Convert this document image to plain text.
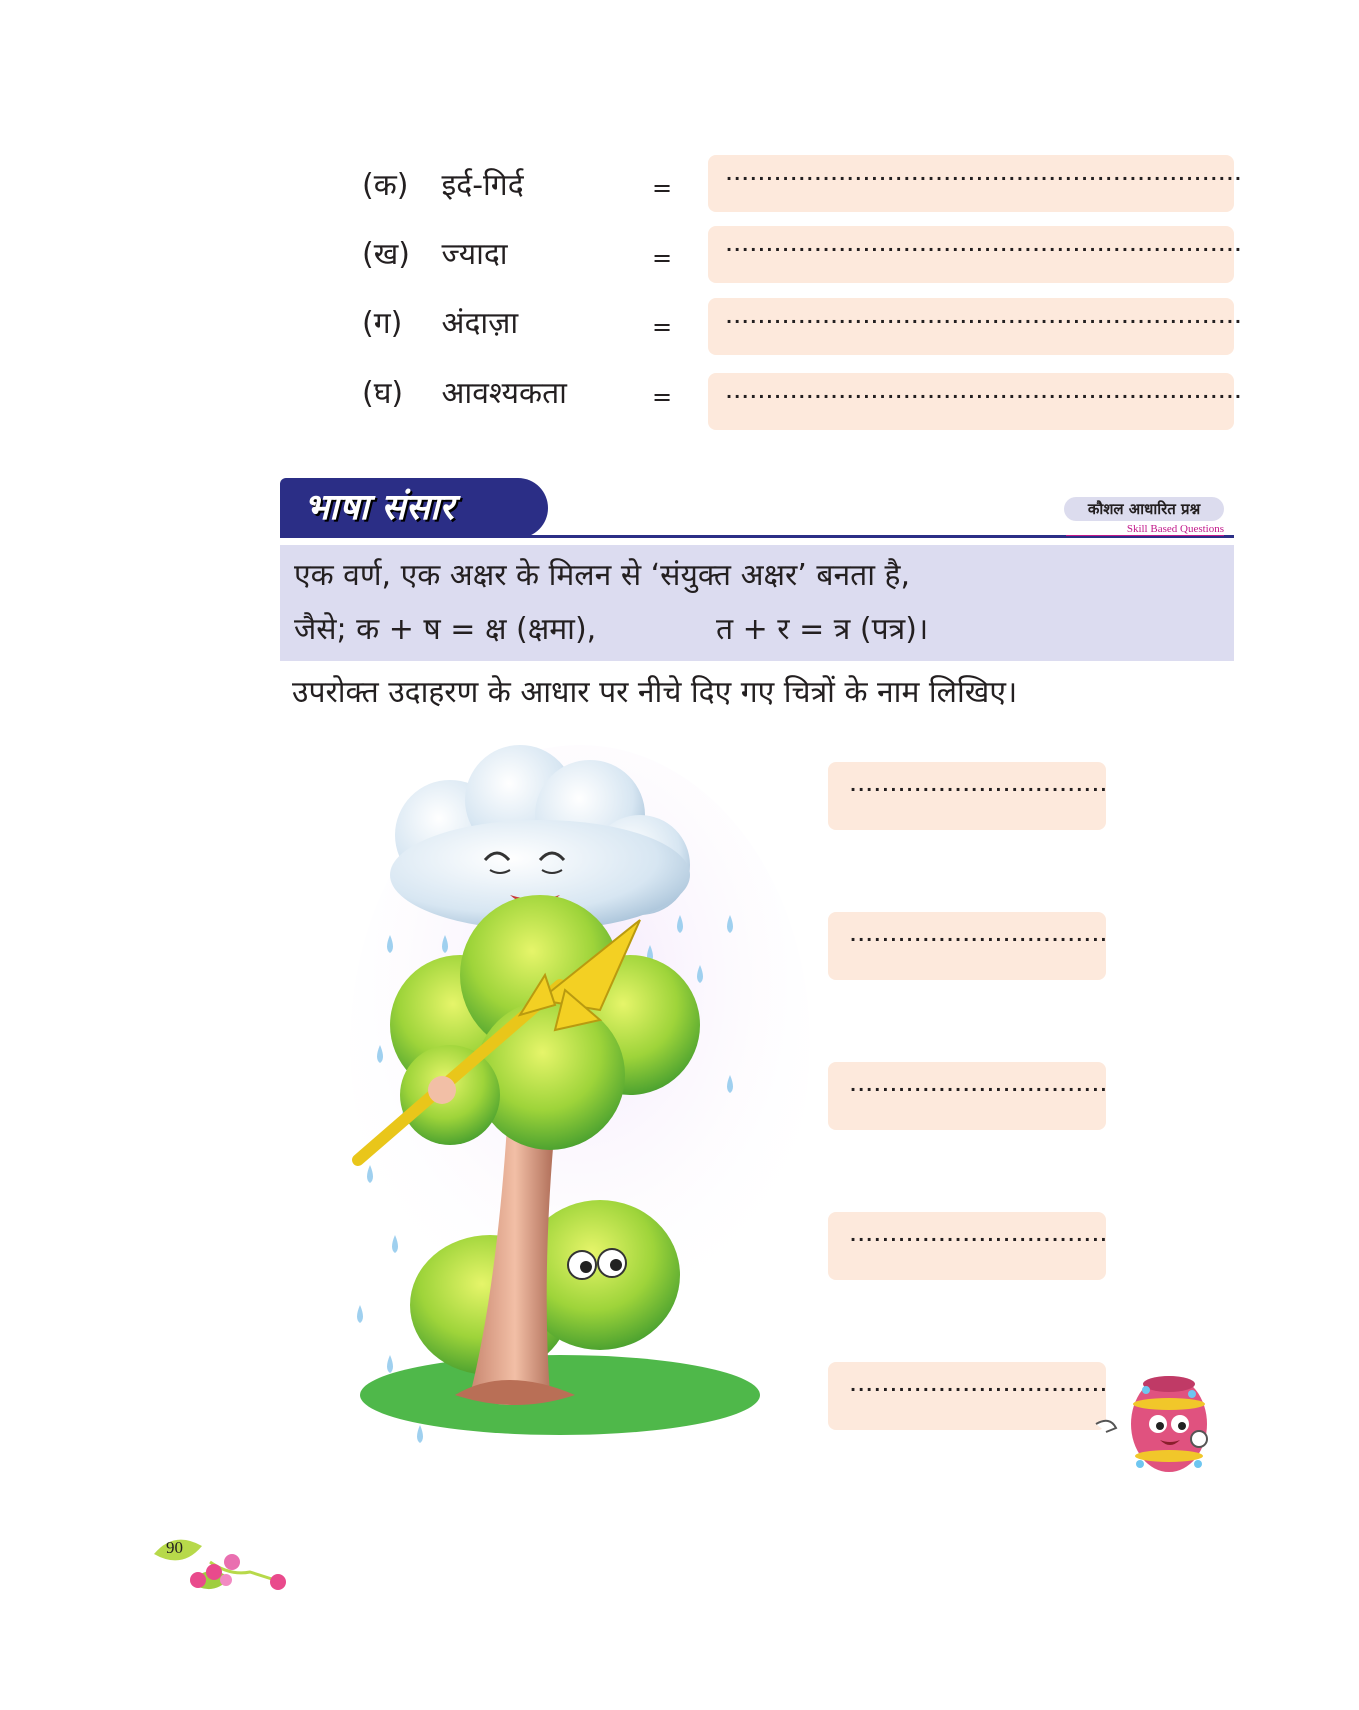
(क) इर्द-गिर्द	=	................................................................
(ख) ज्यादा	=	................................................................
(ग) अंदाज़ा	=	................................................................
(घ) आवश्यकता	=	................................................................
भाषा संसार	कौशल आधारित प्रश्न
Skill Based Questions
एक वर्ण, एक अक्षर के मिलन से ‘संयुक्त अक्षर’ बनता है,
जैसे; क + ष = क्ष (क्षमा),	त + र = त्र (पत्र)।
उपरोक्त उदाहरण के आधार पर नीचे दिए गए चित्रों के नाम लिखिए।
................................
................................
................................
................................
................................
90
